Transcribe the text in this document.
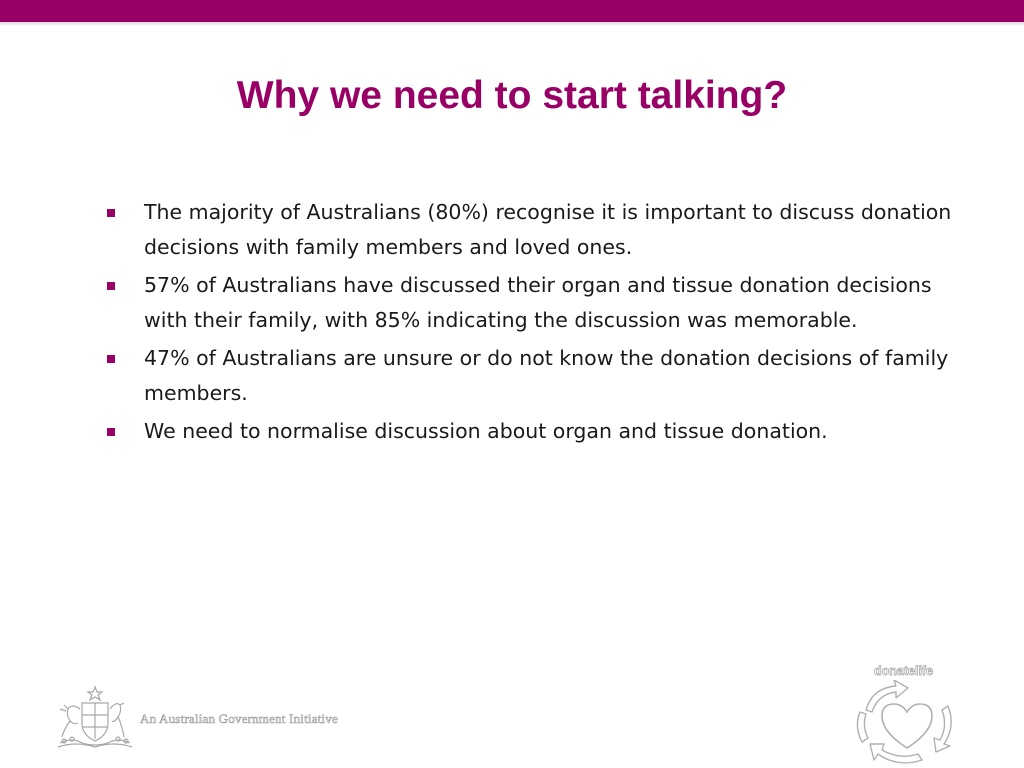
Why we need to start talking?
The majority of Australians (80%) recognise it is important to discuss donation decisions with family members and loved ones.
57% of Australians have discussed their organ and tissue donation decisions with their family, with 85% indicating the discussion was memorable.
47% of Australians are unsure or do not know the donation decisions of family members.
We need to normalise discussion about organ and tissue donation.
An Australian Government Initiative
donatelife
